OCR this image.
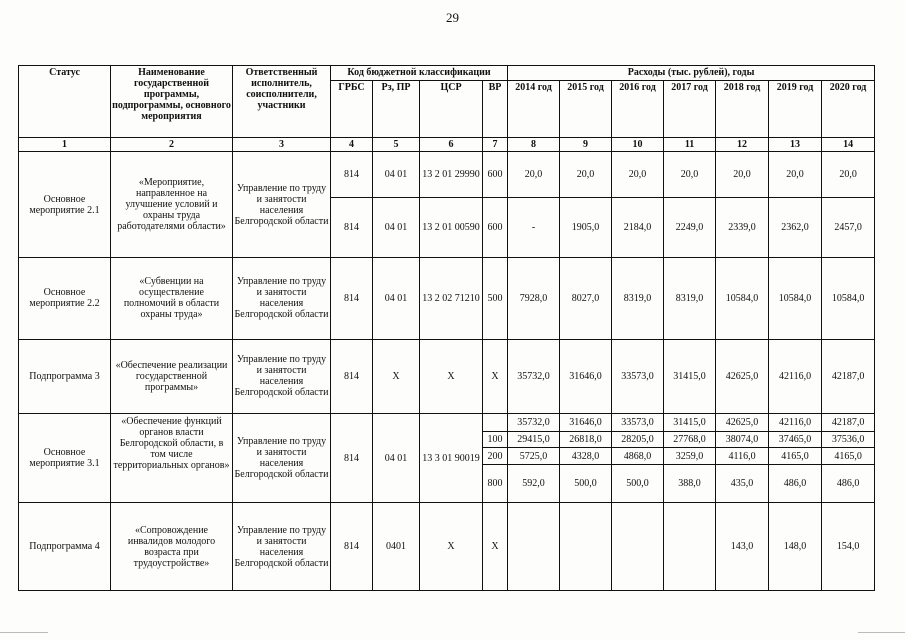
29
Статус	Наименование государственной программы, подпрограммы, основного мероприятия	Ответственный исполнитель, соисполнители, участники	Код бюджетной классификации				Расходы (тыс. рублей), годы						
			ГРБС	Рз, ПР	ЦСР	ВР	2014 год	2015 год	2016 год	2017 год	2018 год	2019 год	2020 год
1	2	3	4	5	6	7	8	9	10	11	12	13	14
Основное мероприятие 2.1	«Мероприятие, направленное на улучшение условий и охраны труда работодателями области»	Управление по труду и занятости населения Белгородской области	814	04 01	13 2 01 29990	600	20,0	20,0	20,0	20,0	20,0	20,0	20,0
			814	04 01	13 2 01 00590	600	-	1905,0	2184,0	2249,0	2339,0	2362,0	2457,0
Основное мероприятие 2.2	«Субвенции на осуществление полномочий в области охраны труда»	Управление по труду и занятости населения Белгородской области	814	04 01	13 2 02 71210	500	7928,0	8027,0	8319,0	8319,0	10584,0	10584,0	10584,0
Подпрограмма 3	«Обеспечение реализации государственной программы»	Управление по труду и занятости населения Белгородской области	814	Х	Х	Х	35732,0	31646,0	33573,0	31415,0	42625,0	42116,0	42187,0
Основное мероприятие 3.1	«Обеспечение функций органов власти Белгородской области, в том числе территориальных органов»	Управление по труду и занятости населения Белгородской области	814	04 01	13 3 01 90019		35732,0	31646,0	33573,0	31415,0	42625,0	42116,0	42187,0
						100	29415,0	26818,0	28205,0	27768,0	38074,0	37465,0	37536,0
						200	5725,0	4328,0	4868,0	3259,0	4116,0	4165,0	4165,0
						800	592,0	500,0	500,0	388,0	435,0	486,0	486,0
Подпрограмма 4	«Сопровождение инвалидов молодого возраста при трудоустройстве»	Управление по труду и занятости населения Белгородской области	814	0401	Х	Х					143,0	148,0	154,0
